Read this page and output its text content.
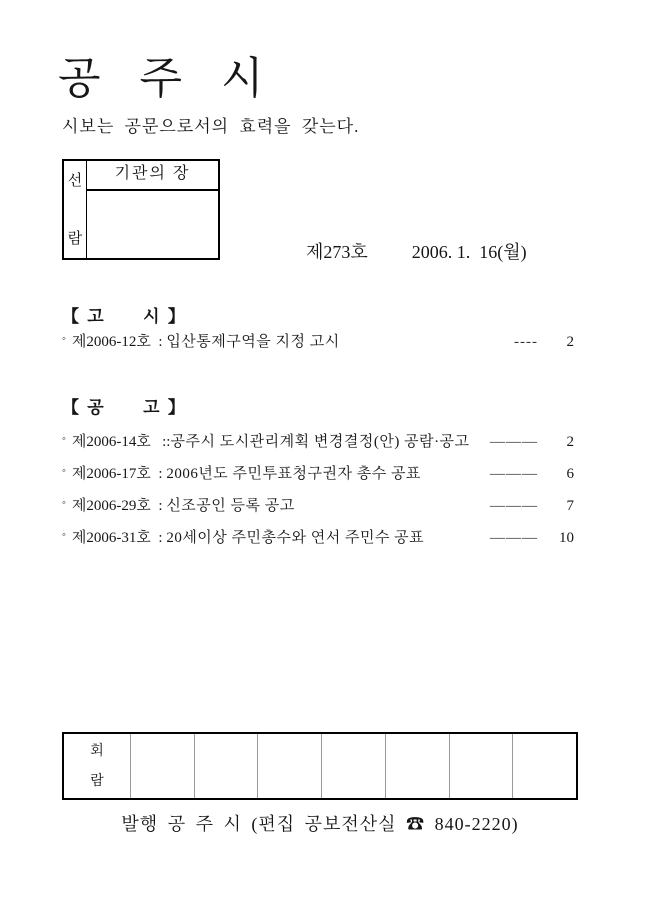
공 주 시
시보는 공문으로서의 효력을 갖는다.
선
람
기관의 장
제273호 2006. 1.  16(월)
【 고      시 】
◦ 제2006-12호 : 입산통제구역을 지정 고시	----	2
【 공      고 】
◦ 제2006-14호 :: 공주시 도시관리계획 변경결정(안) 공람·공고 ———	2
◦ 제2006-17호 : 2006년도 주민투표청구권자 총수 공표	———	6
◦ 제2006-29호 : 신조공인 등록 공고	———	7
◦ 제2006-31호 : 20세이상 주민총수와 연서 주민수 공표	———	10
회
람
발행 공 주 시 (편집 공보전산실 ☎ 840-2220)
